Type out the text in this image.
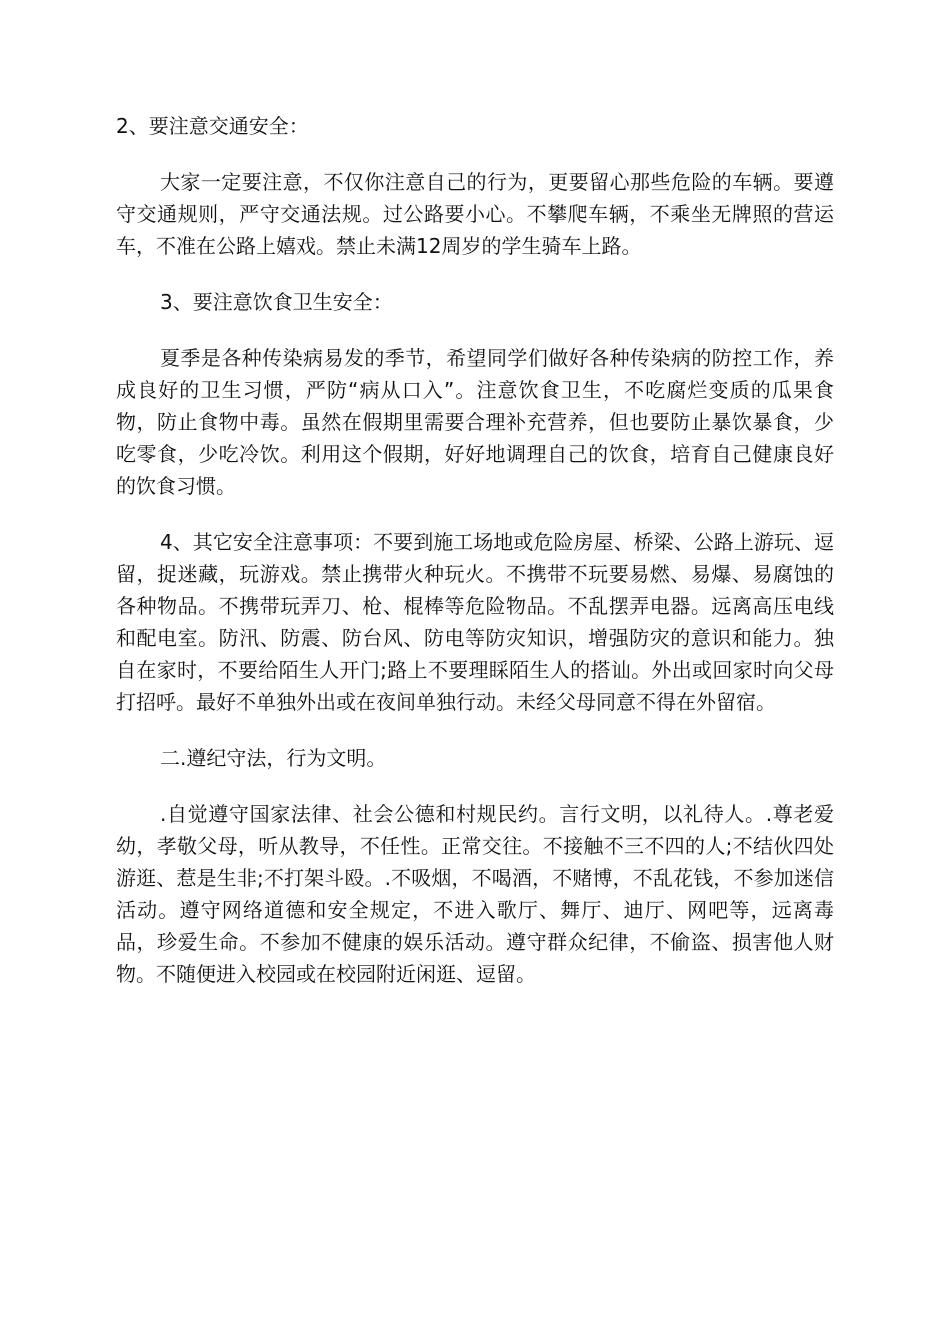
2、要注意交通安全：

大家一定要注意，不仅你注意自己的行为，更要留心那些危险的车辆。要遵守交通规则，严守交通法规。过公路要小心。不攀爬车辆，不乘坐无牌照的营运车，不准在公路上嬉戏。禁止未满12周岁的学生骑车上路。

3、要注意饮食卫生安全：

夏季是各种传染病易发的季节，希望同学们做好各种传染病的防控工作，养成良好的卫生习惯，严防“病从口入”。注意饮食卫生，不吃腐烂变质的瓜果食物，防止食物中毒。虽然在假期里需要合理补充营养，但也要防止暴饮暴食，少吃零食，少吃冷饮。利用这个假期，好好地调理自己的饮食，培育自己健康良好的饮食习惯。

4、其它安全注意事项：不要到施工场地或危险房屋、桥梁、公路上游玩、逗留，捉迷藏，玩游戏。禁止携带火种玩火。不携带不玩要易燃、易爆、易腐蚀的各种物品。不携带玩弄刀、枪、棍棒等危险物品。不乱摆弄电器。远离高压电线和配电室。防汛、防震、防台风、防电等防灾知识，增强防灾的意识和能力。独自在家时，不要给陌生人开门;路上不要理睬陌生人的搭讪。外出或回家时向父母打招呼。最好不单独外出或在夜间单独行动。未经父母同意不得在外留宿。

二.遵纪守法，行为文明。

.自觉遵守国家法律、社会公德和村规民约。言行文明，以礼待人。.尊老爱幼，孝敬父母，听从教导，不任性。正常交往。不接触不三不四的人;不结伙四处游逛、惹是生非;不打架斗殴。.不吸烟，不喝酒，不赌博，不乱花钱，不参加迷信活动。遵守网络道德和安全规定，不进入歌厅、舞厅、迪厅、网吧等，远离毒品，珍爱生命。不参加不健康的娱乐活动。遵守群众纪律，不偷盗、损害他人财物。不随便进入校园或在校园附近闲逛、逗留。
